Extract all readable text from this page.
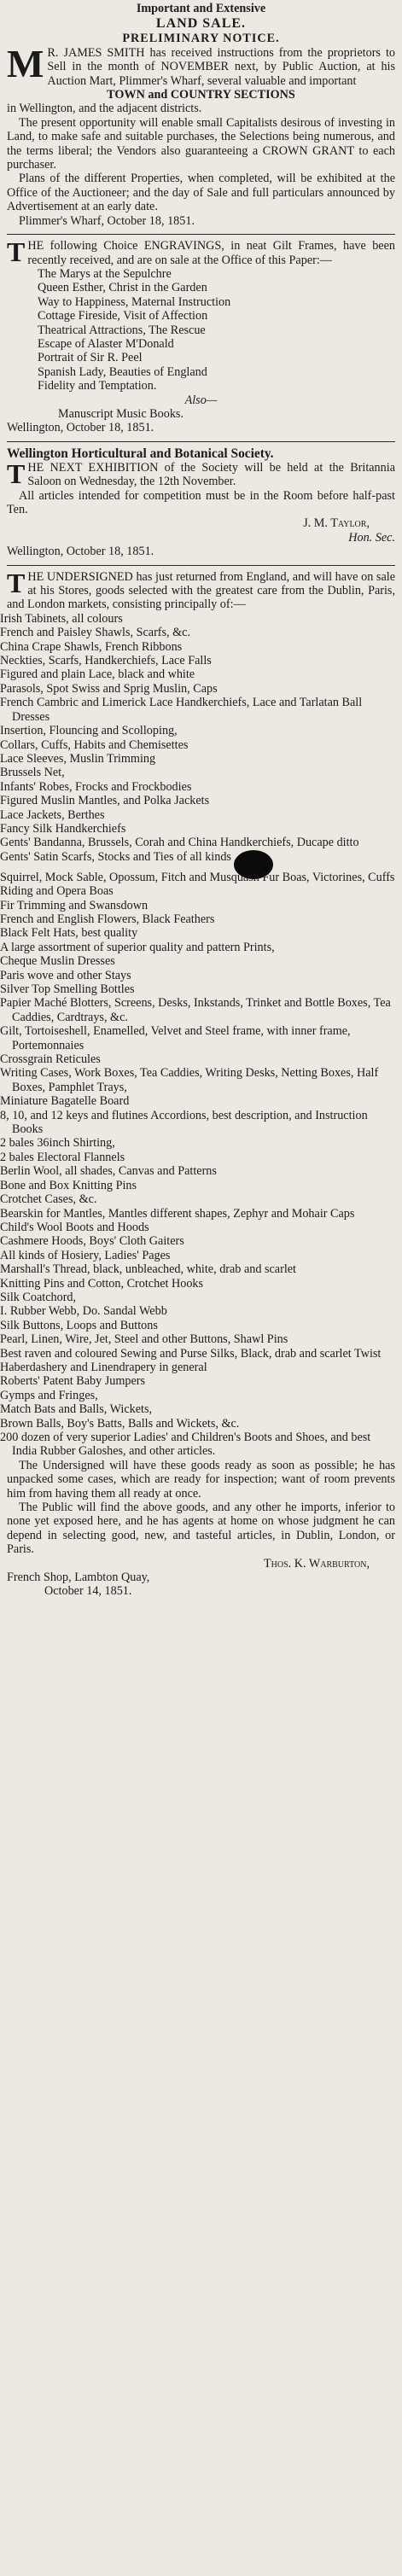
Important and Extensive

LAND SALE.

PRELIMINARY NOTICE.

M R. JAMES SMITH has received instructions from the proprietors to Sell in the month of NOVEMBER next, by Public Auction, at his Auction Mart, Plimmer's Wharf, several valuable and important

TOWN and COUNTRY SECTIONS

in Wellington, and the adjacent districts.

The present opportunity will enable small Capitalists desirous of investing in Land, to make safe and suitable purchases, the Selections being numerous, and the terms liberal; the Vendors also guaranteeing a CROWN GRANT to each purchaser.

Plans of the different Properties, when completed, will be exhibited at the Office of the Auctioneer; and the day of Sale and full particulars announced by Advertisement at an early date.

Plimmer's Wharf, October 18, 1851.

THE following Choice ENGRAVINGS, in neat Gilt Frames, have been recently received, and are on sale at the Office of this Paper:—

The Marys at the Sepulchre

Queen Esther, Christ in the Garden

Way to Happiness, Maternal Instruction

Cottage Fireside, Visit of Affection

Theatrical Attractions, The Rescue

Escape of Alaster M'Donald

Portrait of Sir R. Peel

Spanish Lady, Beauties of England

Fidelity and Temptation.

Also—

Manuscript Music Books.

Wellington, October 18, 1851.

Wellington Horticultural and Botanical Society.

THE NEXT EXHIBITION of the Society will be held at the Britannia Saloon on Wednesday, the 12th November.

All articles intended for competition must be in the Room before half-past Ten.

J. M. Taylor,

Hon. Sec.

Wellington, October 18, 1851.

THE UNDERSIGNED has just returned from England, and will have on sale at his Stores, goods selected with the greatest care from the Dublin, Paris, and London markets, consisting principally of:—

Irish Tabinets, all colours

French and Paisley Shawls, Scarfs, &c.

China Crape Shawls, French Ribbons

Neckties, Scarfs, Handkerchiefs, Lace Falls

Figured and plain Lace, black and white

Parasols, Spot Swiss and Sprig Muslin, Caps

French Cambric and Limerick Lace Handkerchiefs, Lace and Tarlatan Ball Dresses

Insertion, Flouncing and Scolloping,

Collars, Cuffs, Habits and Chemisettes

Lace Sleeves, Muslin Trimming

Brussels Net,

Infants' Robes, Frocks and Frockbodies

Figured Muslin Mantles, and Polka Jackets

Lace Jackets, Berthes

Fancy Silk Handkerchiefs

Gents' Bandanna, Brussels, Corah and China Handkerchiefs, Ducape ditto

Gents' Satin Scarfs, Stocks and Ties of all kinds

Squirrel, Mock Sable, Opossum, Fitch and Musquash Fur Boas, Victorines, Cuffs

Riding and Opera Boas

Fir Trimming and Swansdown

French and English Flowers, Black Feathers

Black Felt Hats, best quality

A large assortment of superior quality and pattern Prints,

Cheque Muslin Dresses

Paris wove and other Stays

Silver Top Smelling Bottles

Papier Maché Blotters, Screens, Desks, Inkstands, Trinket and Bottle Boxes, Tea Caddies, Cardtrays, &c.

Gilt, Tortoiseshell, Enamelled, Velvet and Steel frame, with inner frame, Portemonnaies

Crossgrain Reticules

Writing Cases, Work Boxes, Tea Caddies, Writing Desks, Netting Boxes, Half Boxes, Pamphlet Trays,

Miniature Bagatelle Board

8, 10, and 12 keys and flutines Accordions, best description, and Instruction Books

2 bales 36inch Shirting,

2 bales Electoral Flannels

Berlin Wool, all shades, Canvas and Patterns

Bone and Box Knitting Pins

Crotchet Cases, &c.

Bearskin for Mantles, Mantles different shapes, Zephyr and Mohair Caps

Child's Wool Boots and Hoods

Cashmere Hoods, Boys' Cloth Gaiters

All kinds of Hosiery, Ladies' Pages

Marshall's Thread, black, unbleached, white, drab and scarlet

Knitting Pins and Cotton, Crotchet Hooks

Silk Coatchord,

I. Rubber Webb, Do. Sandal Webb

Silk Buttons, Loops and Buttons

Pearl, Linen, Wire, Jet, Steel and other Buttons, Shawl Pins

Best raven and coloured Sewing and Purse Silks, Black, drab and scarlet Twist

Haberdashery and Linendrapery in general

Roberts' Patent Baby Jumpers

Gymps and Fringes,

Match Bats and Balls, Wickets,

Brown Balls, Boy's Batts, Balls and Wickets, &c.

200 dozen of very superior Ladies' and Children's Boots and Shoes, and best India Rubber Galoshes, and other articles.

The Undersigned will have these goods ready as soon as possible; he has unpacked some cases, which are ready for inspection; want of room prevents him from having them all ready at once.

The Public will find the above goods, and any other he imports, inferior to none yet exposed here, and he has agents at home on whose judgment he can depend in selecting good, new, and tasteful articles, in Dublin, London, or Paris.

Thos. K. Warburton,

French Shop, Lambton Quay,

October 14, 1851.
